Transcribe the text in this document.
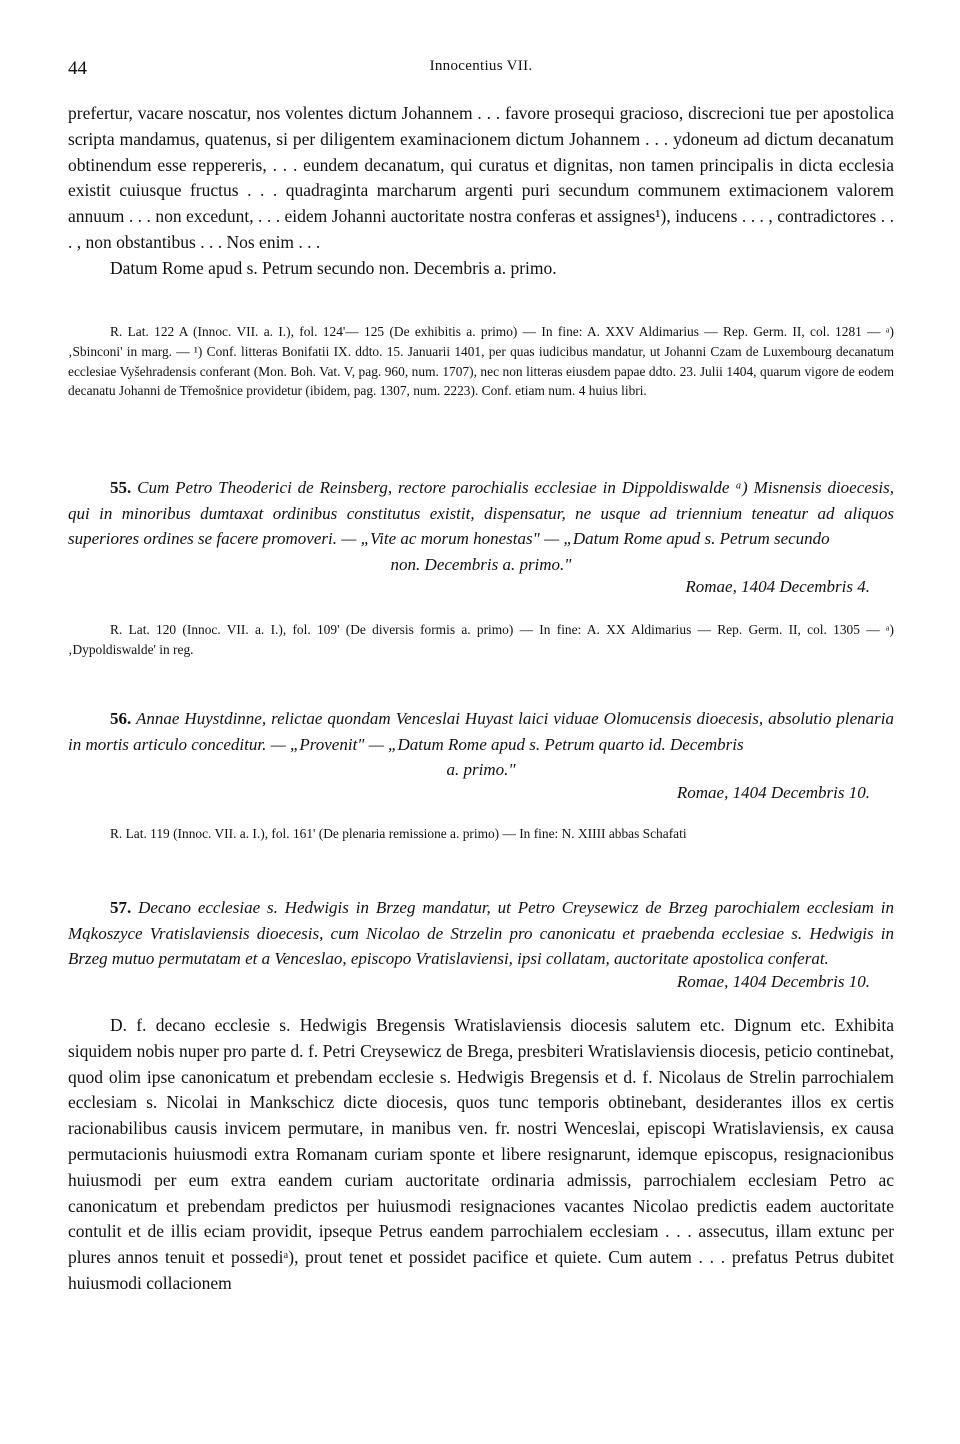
44	Innocentius VII.

prefertur, vacare noscatur, nos volentes dictum Johannem . . . favore prosequi gracioso, discrecioni tue per apostolica scripta mandamus, quatenus, si per diligentem examinacionem dictum Johannem . . . ydoneum ad dictum decanatum obtinendum esse reppereris, . . . eundem decanatum, qui curatus et dignitas, non tamen principalis in dicta ecclesia existit cuiusque fructus . . . quadraginta marcharum argenti puri secundum communem extimacionem valorem annuum . . . non excedunt, . . . eidem Johanni auctoritate nostra conferas et assignes¹), inducens . . . , contradictores . . . , non obstantibus . . . Nos enim . . .

Datum Rome apud s. Petrum secundo non. Decembris a. primo.

R. Lat. 122 A (Innoc. VII. a. I.), fol. 124'— 125 (De exhibitis a. primo) — In fine: A. XXV Aldimarius — Rep. Germ. II, col. 1281 — ᵃ) ‚Sbinconi' in marg. — ¹) Conf. litteras Bonifatii IX. ddto. 15. Januarii 1401, per quas iudicibus mandatur, ut Johanni Czam de Luxembourg decanatum ecclesiae Vyšehradensis conferant (Mon. Boh. Vat. V, pag. 960, num. 1707), nec non litteras eiusdem papae ddto. 23. Julii 1404, quarum vigore de eodem decanatu Johanni de Třemošnice providetur (ibidem, pag. 1307, num. 2223). Conf. etiam num. 4 huius libri.

55. Cum Petro Theoderici de Reinsberg, rectore parochialis ecclesiae in Dippoldiswalde ᵃ) Misnensis dioecesis, qui in minoribus dumtaxat ordinibus constitutus existit, dispensatur, ne usque ad triennium teneatur ad aliquos superiores ordines se facere promoveri. — „Vite ac morum honestas" — „Datum Rome apud s. Petrum secundo

non. Decembris a. primo."

Romae, 1404 Decembris 4.

R. Lat. 120 (Innoc. VII. a. I.), fol. 109' (De diversis formis a. primo) — In fine: A. XX Aldimarius — Rep. Germ. II, col. 1305 — ᵃ) ‚Dypoldiswalde' in reg.

56. Annae Huystdinne, relictae quondam Venceslai Huyast laici viduae Olomucensis dioecesis, absolutio plenaria in mortis articulo conceditur. — „Provenit" — „Datum Rome apud s. Petrum quarto id. Decembris

a. primo."

Romae, 1404 Decembris 10.

R. Lat. 119 (Innoc. VII. a. I.), fol. 161' (De plenaria remissione a. primo) — In fine: N. XIIII abbas Schafati

57. Decano ecclesiae s. Hedwigis in Brzeg mandatur, ut Petro Creysewicz de Brzeg parochialem ecclesiam in Mąkoszyce Vratislaviensis dioecesis, cum Nicolao de Strzelin pro canonicatu et praebenda ecclesiae s. Hedwigis in Brzeg mutuo permutatam et a Venceslao, episcopo Vratislaviensi, ipsi collatam, auctoritate apostolica conferat.

Romae, 1404 Decembris 10.

D. f. decano ecclesie s. Hedwigis Bregensis Wratislaviensis diocesis salutem etc. Dignum etc. Exhibita siquidem nobis nuper pro parte d. f. Petri Creysewicz de Brega, presbiteri Wratislaviensis diocesis, peticio continebat, quod olim ipse canonicatum et prebendam ecclesie s. Hedwigis Bregensis et d. f. Nicolaus de Strelin parrochialem ecclesiam s. Nicolai in Mankschicz dicte diocesis, quos tunc temporis obtinebant, desiderantes illos ex certis racionabilibus causis invicem permutare, in manibus ven. fr. nostri Wenceslai, episcopi Wratislaviensis, ex causa permutacionis huiusmodi extra Romanam curiam sponte et libere resignarunt, idemque episcopus, resignacionibus huiusmodi per eum extra eandem curiam auctoritate ordinaria admissis, parrochialem ecclesiam Petro ac canonicatum et prebendam predictos per huiusmodi resignaciones vacantes Nicolao predictis eadem auctoritate contulit et de illis eciam providit, ipseque Petrus eandem parrochialem ecclesiam . . . assecutus, illam extunc per plures annos tenuit et possediᵃ), prout tenet et possidet pacifice et quiete. Cum autem . . . prefatus Petrus dubitet huiusmodi collacionem
